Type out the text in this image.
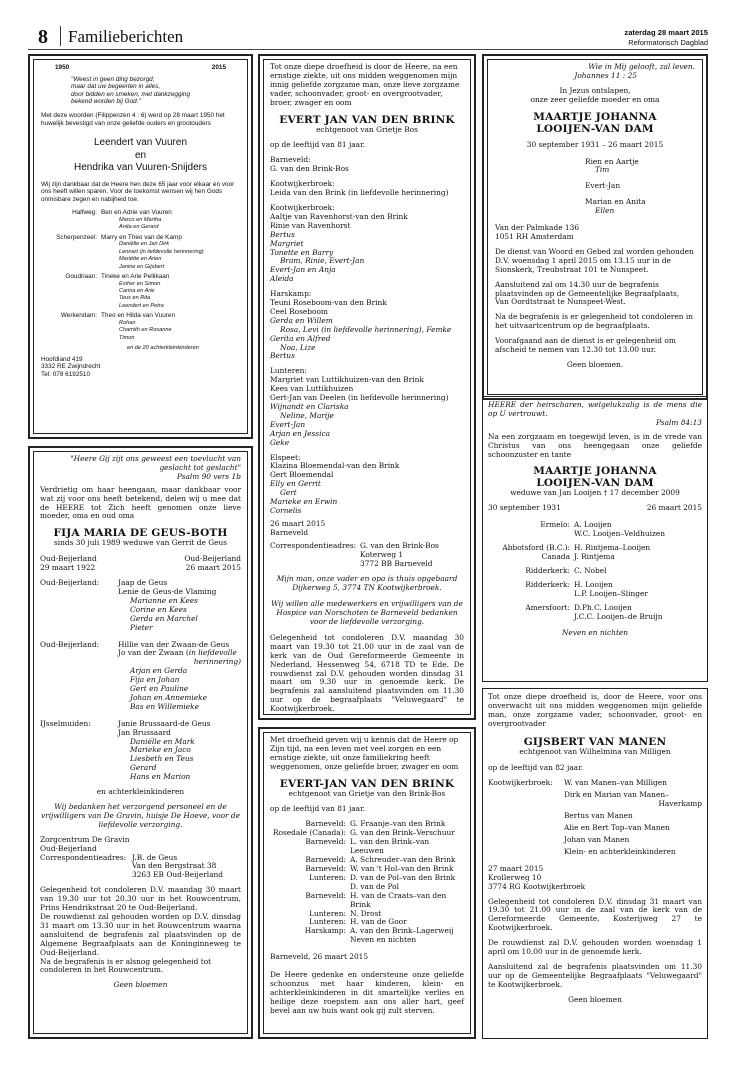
8 Familieberichten	zaterdag 28 maart 2015
Reformatorisch Dagblad
1950	2015
"Weest in geen ding bezorgd;
maar dat uw begeerten in alles,
door bidden en smeken, met dankzegging
bekend worden bij God."
Met deze woorden (Filippenzen 4 : 6) werd op 28 maart 1950 het huwelijk bevestigd van onze geliefde ouders en grootouders
Leendert van Vuuren
en
Hendrika van Vuuren-Snijders
Wij zijn dankbaar dat de Heere hen deze 65 jaar voor elkaar en voor ons heeft willen sparen. Voor de toekomst wensen wij hen Gods onmisbare zegen en nabijheid toe.
Halfweg: Ben en Adrie van Vuuren
Marco en Martha
Anita en Gerard
Scherpenzeel: Marry en Theo van de Kamp
Daniëlle en Jan Dirk
Lennart (in liefdevolle herinnering)
Mariëtte en Arien
Janine en Gijsbert
Goudriaan: Tineke en Arie Pellikaan
Esther en Simon
Carina en Arie
Teus en Rita
Leendert en Petra
Werkendam: Theo en Hilda van Vuuren
Rohan
Chamith en Rosanne
Timon
en de 20 achterkleinkinderen
Hoofdland 419
3332 RE Zwijndrecht
Tel: 078 6192510
"Heere Gij zijt ons geweest een toevlucht van
geslacht tot geslacht"
Psalm 90 vers 1b
Verdrietig om haar heengaan, maar dankbaar voor wat zij voor ons heeft betekend, delen wij u mee dat de HEERE tot Zich heeft genomen onze lieve moeder, oma en oud oma
FIJA MARIA DE GEUS-BOTH
sinds 30 juli 1989 weduwe van Gerrit de Geus
Oud-Beijerland
29 maart 1922
Oud-Beijerland
26 maart 2015
Oud-Beijerland:	Jaap de Geus
Lenie de Geus-de Vlaming
Marianne en Kees
Corine en Kees
Gerda en Marchel
Pieter
Oud-Beijerland:	Hillie van der Zwaan-de Geus
Jo van der Zwaan (in liefdevolle
herinnering)
Arjan en Gerda
Fija en Johan
Gert en Pauline
Johan en Annemieke
Bas en Willemieke
IJsselmuiden:	Janie Brussaard-de Geus
Jan Brussaard
Daniëlle en Mark
Marieke en Jaco
Liesbeth en Teus
Gerard
Hans en Marion
en achterkleinkinderen
Wij bedanken het verzorgend personeel en de vrijwilligers van De Gravin, huisje De Hoeve, voor de liefdevolle verzorging.
Zorgcentrum De Gravin
Oud-Beijerland
Correspondentieadres: J.B. de Geus
Van den Bergstraat 38
3263 EB Oud-Beijerland
Gelegenheid tot condoleren D.V. maandag 30 maart van 19.30 uur tot 20.30 uur in het Rouwcentrum, Prins Hendrikstraat 20 te Oud-Beijerland.
De rouwdienst zal gehouden worden op D.V. dinsdag 31 maart om 13.30 uur in het Rouwcentrum waarna aansluitend de begrafenis zal plaatsvinden op de Algemene Begraafplaats aan de Koninginneweg te Oud-Beijerland.
Na de begrafenis is er alsnog gelegenheid tot condoleren in het Rouwcentrum.
Geen bloemen
Tot onze diepe droefheid is door de Heere, na een ernstige ziekte, uit ons midden weggenomen mijn innig geliefde zorgzame man, onze lieve zorgzame vader, schoonvader, groot- en overgrootvader, broer, zwager en oom
EVERT JAN VAN DEN BRINK
echtgenoot van Grietje Bos
op de leeftijd van 81 jaar.
Barneveld:
G. van den Brink-Bos
Kootwijkerbroek:
Leida van den Brink (in liefdevolle herinnering)
Kootwijkerbroek:
Aaltje van Ravenhorst-van den Brink
Rinie van Ravenhorst
Bertus
Margriet
Tonette en Barry
Bram, Rinie, Evert-Jan
Evert-Jan en Anja
Aleida
Harskamp:
Teuni Roseboom-van den Brink
Ceel Roseboom
Gerda en Willem
Rosa, Levi (in liefdevolle herinnering), Femke
Gerita en Alfred
Noa, Lize
Bertus
Lunteren:
Margriet van Luttikhuizen-van den Brink
Kees van Luttikhuizen
Gert-Jan van Deelen (in liefdevolle herinnering)
Wijnandt en Clariska
Neline, Marije
Evert-Jan
Arjan en Jessica
Geke
Elspeet:
Klazina Bloemendal-van den Brink
Gert Bloemendal
Elly en Gerrit
Gert
Marieke en Erwin
Cornelis
26 maart 2015
Barneveld
Correspondentieadres: G. van den Brink-Bos
Koterweg 1
3772 BB Barneveld
Mijn man, onze vader en opa is thuis opgebaard Dijkerweg 5, 3774 TN Kootwijkerbroek.
Wij willen alle medewerkers en vrijwilligers van de Hospice van Norschoten te Barneveld bedanken voor de liefdevolle verzorging.
Gelegenheid tot condoleren D.V. maandag 30 maart van 19.30 tot 21.00 uur in de zaal van de kerk van de Oud Gereformeerde Gemeente in Nederland, Hessenweg 54, 6718 TD te Ede. De rouwdienst zal D.V. gehouden worden dinsdag 31 maart om 9.30 uur in genoemde kerk. De begrafenis zal aansluitend plaatsvinden om 11.30 uur op de begraafplaats "Veluwegaard" te Kootwijkerbroek.
Met droefheid geven wij u kennis dat de Heere op Zijn tijd, na een leven met veel zorgen en een ernstige ziekte, uit onze familiekring heeft weggenomen, onze geliefde broer, zwager en oom
EVERT-JAN VAN DEN BRINK
echtgenoot van Grietje van den Brink-Bos
op de leeftijd van 81 jaar.
Barneveld: G. Fraanje–van den Brink
Rosedale (Canada): G. van den Brink–Verschuur
Barneveld: L. van den Brink–van Leeuwen
Barneveld: A. Schreuder–van den Brink
Barneveld: W. van 't Hol–van den Brink
Lunteren: D. van de Pol–van den Brink
D. van de Pol
Barneveld: H. van de Craats–van den Brink
Lunteren: N. Drost
Lunteren: H. van de Goor
Harskamp: A. van den Brink–Lagerweij
Neven en nichten
Barneveld, 26 maart 2015
De Heere gedenke en ondersteune onze geliefde schoonzus met haar kinderen, klein- en achterkleinkinderen in dit smartelijke verlies en heilige deze roepstem aan ons aller hart, geef bevel aan uw huis want ook gij zult sterven.
Wie in Mij gelooft, zal leven.
Johannes 11 : 25
In Jezus ontslapen,
onze zeer geliefde moeder en oma
MAARTJE JOHANNA
LOOIJEN-VAN DAM
30 september 1931 – 26 maart 2015
Rien en Aartje
Tim
Evert-Jan
Marian en Anita
Ellen
Van der Palmkade 136
1051 RH Amsterdam
De dienst van Woord en Gebed zal worden gehouden D.V. woensdag 1 april 2015 om 13.15 uur in de Sionskerk, Treubstraat 101 te Nunspeet.
Aansluitend zal om 14.30 uur de begrafenis plaatsvinden op de Gemeentelijke Begraafplaats, Van Oordtstraat te Nunspeet-West.
Na de begrafenis is er gelegenheid tot condoleren in het uitvaartcentrum op de begraafplaats.
Voorafgaand aan de dienst is er gelegenheid om afscheid te nemen van 12.30 tot 13.00 uur.
Geen bloemen.
HEERE der heirscharen, welgelukzalig is de mens die op U vertrouwt.
Psalm 84:13
Na een zorgzaam en toegewijd leven, is in de vrede van Christus van ons heengegaan onze geliefde schoonzuster en tante
MAARTJE JOHANNA
LOOIJEN-VAN DAM
weduwe van Jan Looijen † 17 december 2009
30 september 1931	26 maart 2015
Ermelo: A. Looijen
W.C. Looijen–Veldhuizen
Abbotsford (B.C.): H. Rintjema–Looijen
Canada J. Rintjema
Ridderkerk: C. Nobel
Ridderkerk: H. Looijen
L.P. Looijen–Slinger
Amersfoort: D.Ph.C. Looijen
J.C.C. Looijen–de Bruijn
Neven en nichten
Tot onze diepe droefheid is, door de Heere, voor ons onverwacht uit ons midden weggenomen mijn geliefde man, onze zorgzame vader, schoonvader, groot- en overgrootvader
GIJSBERT VAN MANEN
echtgenoot van Wilhelmina van Milligen
op de leeftijd van 82 jaar.
Kootwijkerbroek:	W. van Manen–van Milligen
Dirk en Marian van Manen–
Haverkamp
Bertus van Manen
Alie en Bert Top–van Manen
Johan van Manen
Klein- en achterkleinkinderen
27 maart 2015
Krollerweg 10
3774 RG Kootwijkerbroek
Gelegenheid tot condoleren D.V. dinsdag 31 maart van 19.30 tot 21.00 uur in de zaal van de kerk van de Gereformeerde Gemeente, Kosterijweg 27 te Kootwijkerbroek.
De rouwdienst zal D.V. gehouden worden woensdag 1 april om 10.00 uur in de genoemde kerk.
Aansluitend zal de begrafenis plaatsvinden om 11.30 uur op de Gemeentelijke Begraafplaats "Veluwegaard" te Kootwijkerbroek.
Geen bloemen
